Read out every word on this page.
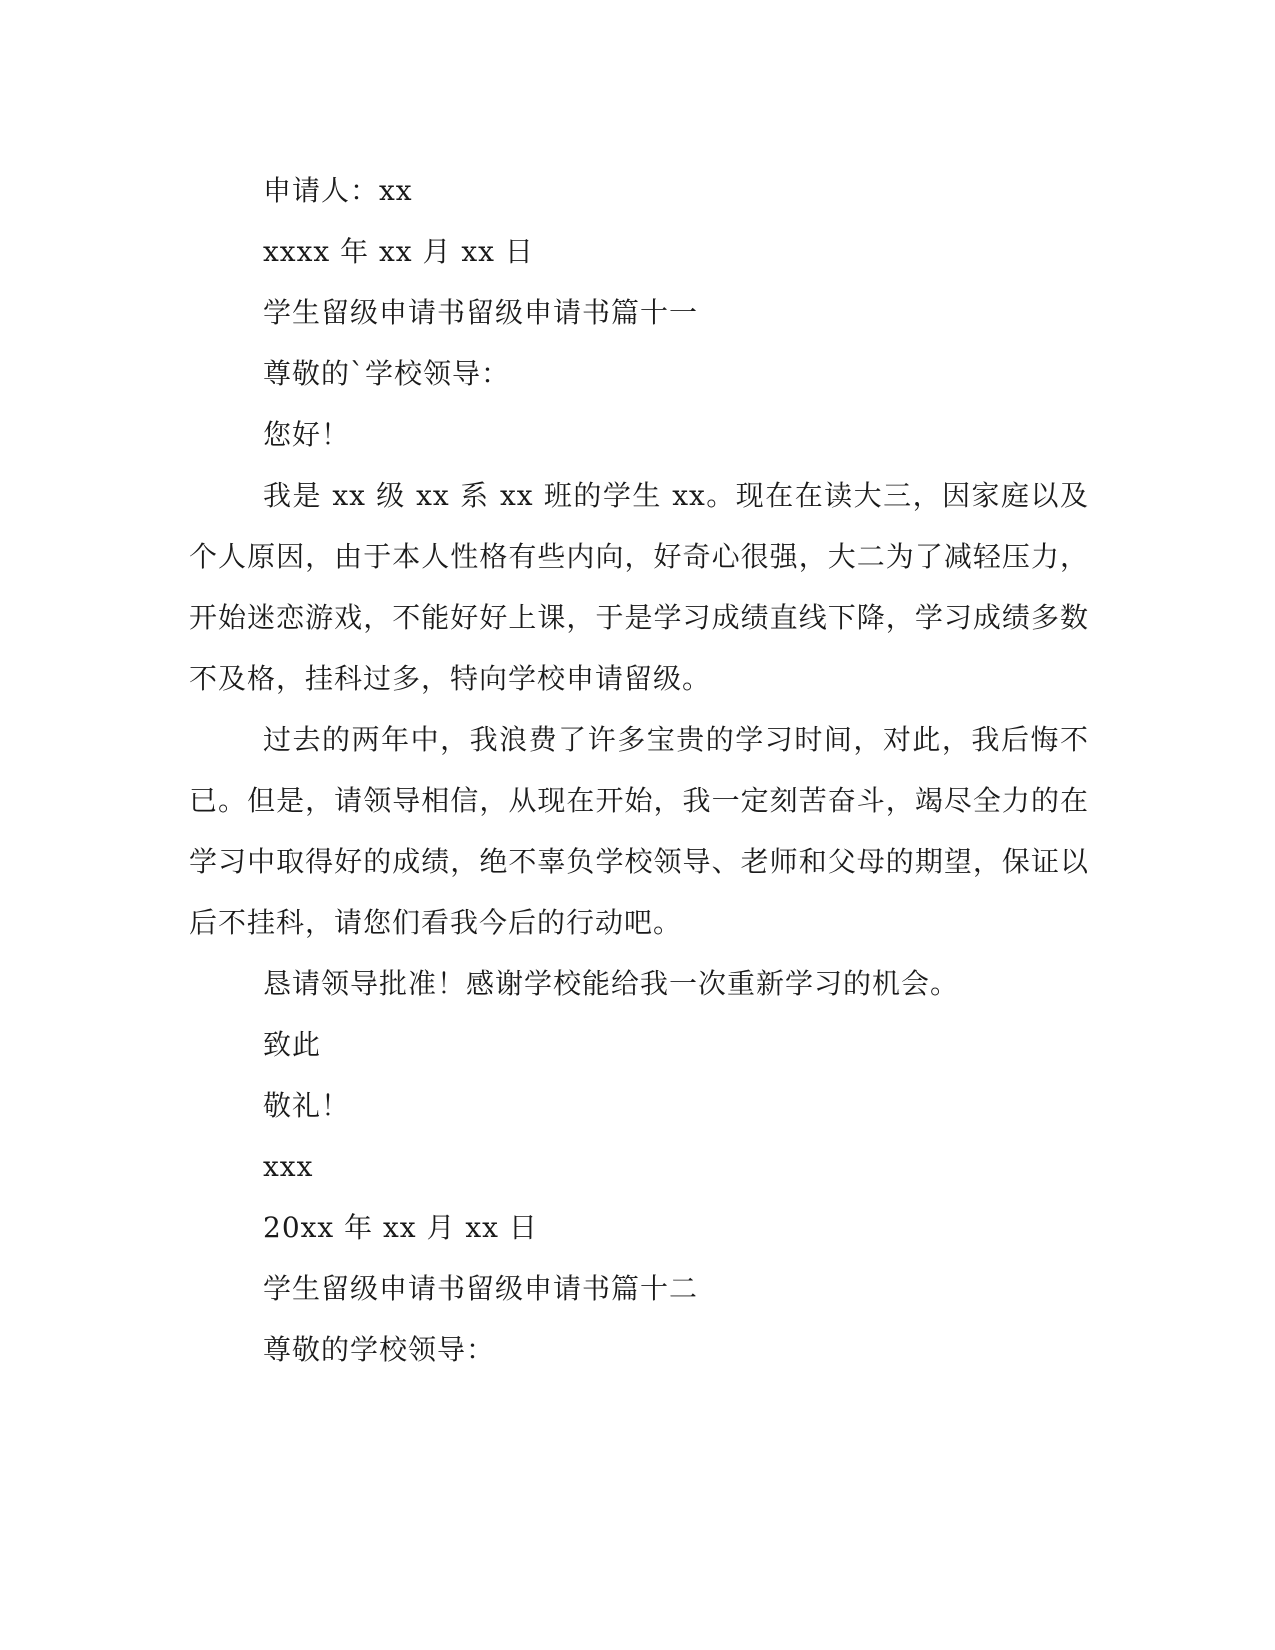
申请人：xx

xxxx 年 xx 月 xx 日

学生留级申请书留级申请书篇十一

尊敬的`学校领导：

您好！

我是 xx 级 xx 系 xx 班的学生 xx。现在在读大三，因家庭以及个人原因，由于本人性格有些内向，好奇心很强，大二为了减轻压力，开始迷恋游戏，不能好好上课，于是学习成绩直线下降，学习成绩多数不及格，挂科过多，特向学校申请留级。

过去的两年中，我浪费了许多宝贵的学习时间，对此，我后悔不已。但是，请领导相信，从现在开始，我一定刻苦奋斗，竭尽全力的在学习中取得好的成绩，绝不辜负学校领导、老师和父母的期望，保证以后不挂科，请您们看我今后的行动吧。

恳请领导批准！感谢学校能给我一次重新学习的机会。

致此

敬礼！

xxx

20xx 年 xx 月 xx 日

学生留级申请书留级申请书篇十二

尊敬的学校领导：
